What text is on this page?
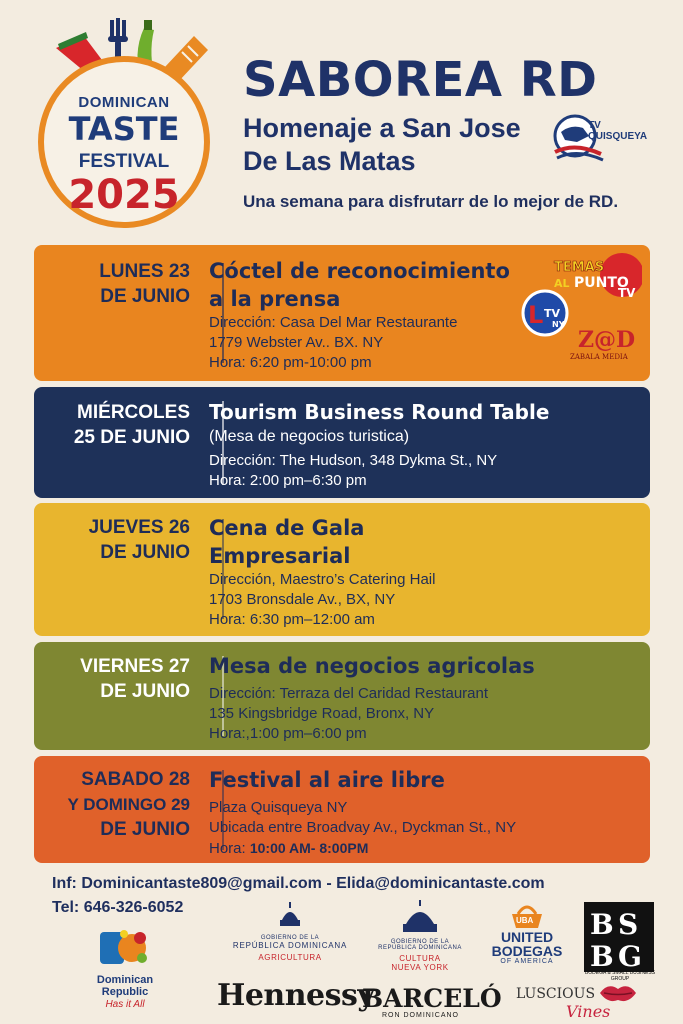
DOMINICAN
TASTE
FESTIVAL
2025
SABOREA RD
Homenaje a San Jose
De Las Matas
TV
QUISQUEYA
Una semana para disfrutarr de lo mejor de RD.
LUNES 23
DE JUNIO
Cóctel de reconocimiento
a la prensa
Dirección: Casa Del Mar Restaurante
1779 Webster Av.. BX. NY
Hora: 6:20 pm-10:00 pm
TEMAS
AL PUNTO
TV
L TV
NY
Z@D
ZABALA MEDIA
MIÉRCOLES
25 DE JUNIO
Tourism Business Round Table
(Mesa de negocios turistica)
Dirección: The Hudson, 348 Dykma St., NY
Hora: 2:00 pm–6:30 pm
JUEVES 26
DE JUNIO
Cena de Gala
Empresarial
Dirección, Maestro’s Catering Hail
1703 Bronsdale Av., BX, NY
Hora: 6:30 pm–12:00 am
VIERNES 27
DE JUNIO
Mesa de negocios agricolas
Dirección: Terraza del Caridad Restaurant
135 Kingsbridge Road, Bronx, NY
Hora:,1:00 pm–6:00 pm
SABADO 28
Y DOMINGO 29
DE JUNIO
Festival al aire libre
Plaza Quisqueya NY
Ubicada entre Broadvay Av., Dyckman St., NY
Hora: 10:00 AM- 8:00PM
Inf: Dominicantaste809@gmail.com - Elida@dominicantaste.com
Tel: 646-326-6052
Dominican
Republic
Has it All
GOBIERNO DE LA
REPÚBLICA DOMINICANA
AGRICULTURA
GOBIERNO DE LA
REPÚBLICA DOMINICANA
CULTURA
NUEVA YORK
UBA
UNITED
BODEGAS
OF AMERICA
B S
B G
BODEGA & SMALL BUSINESS GROUP
Hennessy
BARCELÓ
RON DOMINICANO
LUSCIOUS
Vines
